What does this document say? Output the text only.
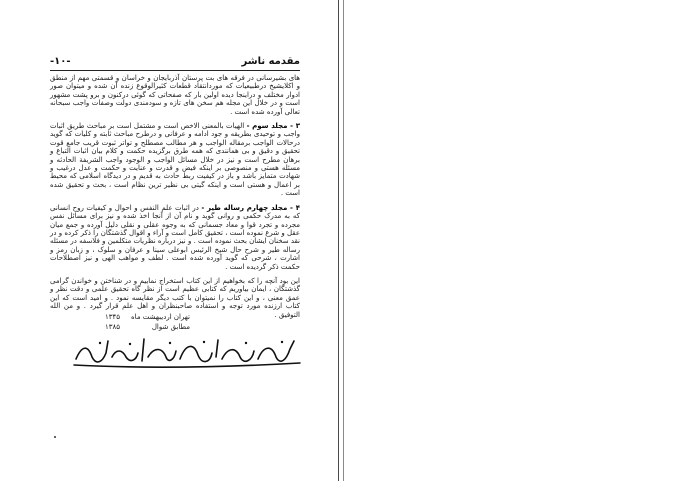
مقدمه ناشر
-۱۰-

های بشیرسانی در فرقه های بت پرستان آذربایجان و خراسان و قسمتی مهم از منطق و اکلایشیخ درطبیعیات که موردانتقاد قطعات کثیرالوقوع زنده آن شده و میتوان صور ادوار مختلف و دراینجا دیده اولین بار که صفحاتی که گوئی درکنون و برو پشت مشهور است و در خلال این مجله هم سخن های تازه و سودمندی دولت وصفات واجب سبحانه تعالی آورده شده است .

۳ - مجلد سوم - الهیات بالمعنی الاخص است و مشتمل است بر مباحث طریق اثبات واجب و توحیدی بطریقه و جود ادامه و عرفانی و درطرح مباحث ثابته و کلیات که گوید درحالات الواجب برمقاله الواجب و هر مطالب مصطلح و تواتر ثبوت قریب جامع قوت تحقیق و دقیق و بی همانندی که همه طرق برگزیده حکمت و کلام بیان اثبات التباع و برهان مطرح است و نیز در خلال مسائل الواجب و الوجود واجب الشریفة الحادثه و مسئله هستی و منصوصی بر اینکه فیض و قدرت و عنایت و حکمت و عدل درغیب و شهادت متمایز باشد و باز در کیفیت ربط حادث به قدیم و در دیدگاه اسلامی که محیط بر اعمال و هستی است و اینکه گیتی بی نظیر ترین نظام است ، بحث و تحقیق شده است .

۴ - مجلد چهارم رساله طیر - در اثبات علم النفس و احوال و کیفیات روح انسانی که به مدرک حکمی و روانی گوید و نام آن از آنجا اخذ شده و نیز برای مسائل نفس مجرده و تجرد قوا و معاد جسمانی که به وجوه عقلی و نقلی دلیل آورده و جمع میان عقل و شرع نموده است ، تحقیق کامل است و آراء و اقوال گذشتگان را ذکر کرده و در نقد سخنان ایشان بحث نموده است . و نیز درباره نظریات متکلمین و فلاسفه در مسئله رساله طیر و شرح حال شیخ الرئیس ابوعلی سینا و عرفان و سلوک ، و زبان رمز و اشارت ، شرحی که گوید آورده شده است . لطف و مواهب الهی و نیز اصطلاحات حکمت ذکر گردیده است .

این بود آنچه را که بخواهیم از این کتاب استخراج نماییم و در شناختن و خواندن گرامی گذشتگان ، ایمان بیاوریم که کتابی عظیم است از نظر گاه تحقیق علمی و دقت نظر و عمق معنی ، و این کتاب را نمیتوان با کتب دیگر مقایسه نمود . و امید است که این کتاب ارزنده مورد توجه و استفاده صاحبنظران و اهل علم قرار گیرد . و من الله التوفیق .

تهران اردیبهشت ماه
۱۳۴۵
مطابق شوال
۱۳۸۵
